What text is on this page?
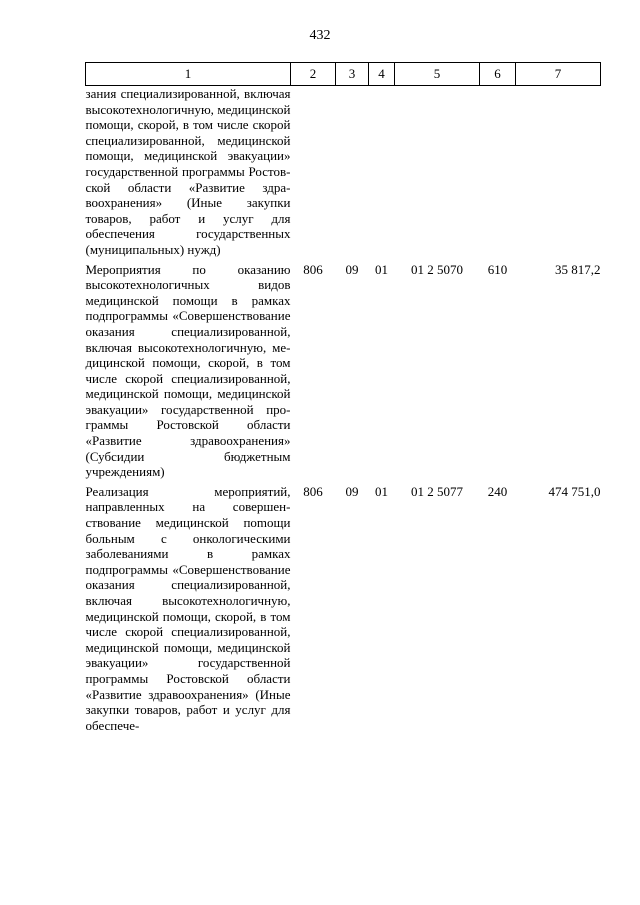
432
1	2	3	4	5	6	7
зания специализированной, включая высокотехнологичную, медицинской помощи, скорой, в том числе скорой специализированной, медицинской помощи, медицинской эвакуации» государственной программы Ростовской области «Развитие здравоохранения» (Иные закупки товаров, работ и услуг для обеспечения государственных (муниципальных) нужд)						
Мероприятия по оказанию высокотехнологичных видов медицинской помощи в рамках подпрограммы «Совершенствование оказания специализированной, включая высокотехнологичную, медицинской помощи, скорой, в том числе скорой специализированной, медицинской помощи, медицинской эвакуации» государственной программы Ростовской области «Развитие здравоохранения» (Субсидии бюджетным учреждениям)	806	09	01	01 2 5070	610	35 817,2
Реализация мероприятий, направленных на совершенствование медицинской поmощи больным с онкологическими заболеваниями в рамках подпрограммы «Совершенствование оказания специализированной, включая высокотехнологичную, медицинской помощи, скорой, в том числе скорой специализированной, медицинской помощи, медицинской эвакуации» государственной программы Ростовской области «Развитие здравоохранения» (Иные закупки товаров, работ и услуг для обеспече-	806	09	01	01 2 5077	240	474 751,0
